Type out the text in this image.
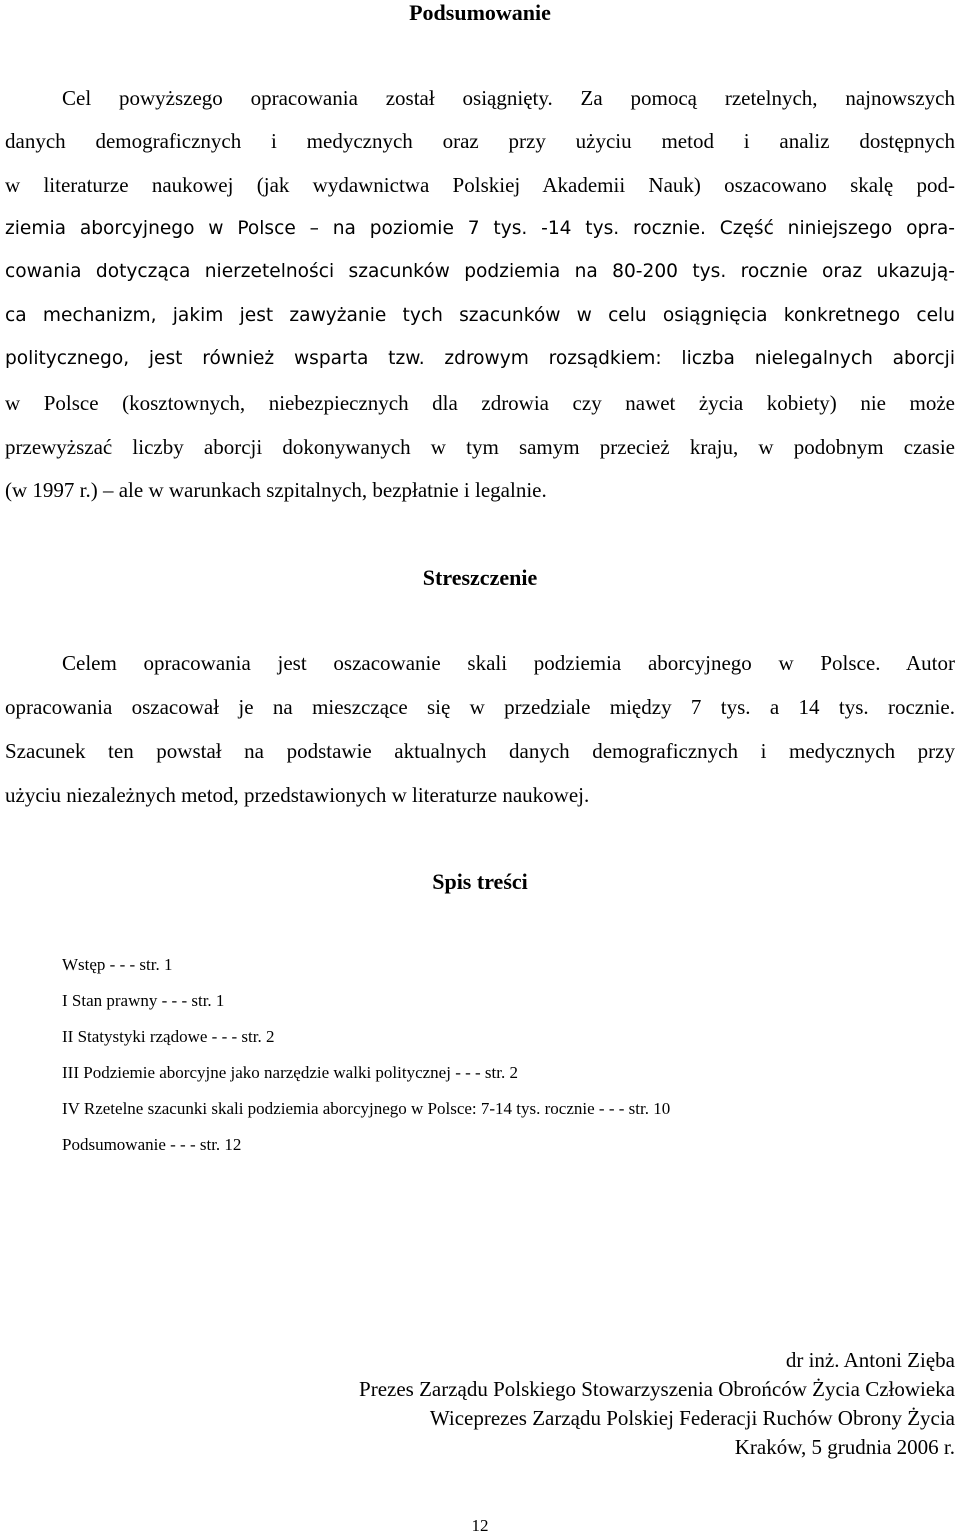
Podsumowanie
Cel powyższego opracowania został osiągnięty. Za pomocą rzetelnych, najnowszych
danych demograficznych i medycznych oraz przy użyciu metod i analiz dostępnych
w literaturze naukowej (jak wydawnictwa Polskiej Akademii Nauk) oszacowano skalę pod-
ziemia aborcyjnego w Polsce – na poziomie 7 tys. -14 tys. rocznie. Część niniejszego opra-
cowania dotycząca nierzetelności szacunków podziemia na 80-200 tys. rocznie oraz ukazują-
ca mechanizm, jakim jest zawyżanie tych szacunków w celu osiągnięcia konkretnego celu
politycznego, jest również wsparta tzw. zdrowym rozsądkiem: liczba nielegalnych aborcji
w Polsce (kosztownych, niebezpiecznych dla zdrowia czy nawet życia kobiety) nie może
przewyższać liczby aborcji dokonywanych w tym samym przecież kraju, w podobnym czasie
(w 1997 r.) – ale w warunkach szpitalnych, bezpłatnie i legalnie.
Streszczenie
Celem opracowania jest oszacowanie skali podziemia aborcyjnego w Polsce. Autor
opracowania oszacował je na mieszczące się w przedziale między 7 tys. a 14 tys. rocznie.
Szacunek ten powstał na podstawie aktualnych danych demograficznych i medycznych przy
użyciu niezależnych metod, przedstawionych w literaturze naukowej.
Spis treści
Wstęp - - - str. 1
I Stan prawny - - - str. 1
II Statystyki rządowe - - - str. 2
III Podziemie aborcyjne jako narzędzie walki politycznej - - - str. 2
IV Rzetelne szacunki skali podziemia aborcyjnego w Polsce: 7-14 tys. rocznie - - - str. 10
Podsumowanie - - - str. 12
dr inż. Antoni Zięba
Prezes Zarządu Polskiego Stowarzyszenia Obrońców Życia Człowieka
Wiceprezes Zarządu Polskiej Federacji Ruchów Obrony Życia
Kraków, 5 grudnia 2006 r.
12
